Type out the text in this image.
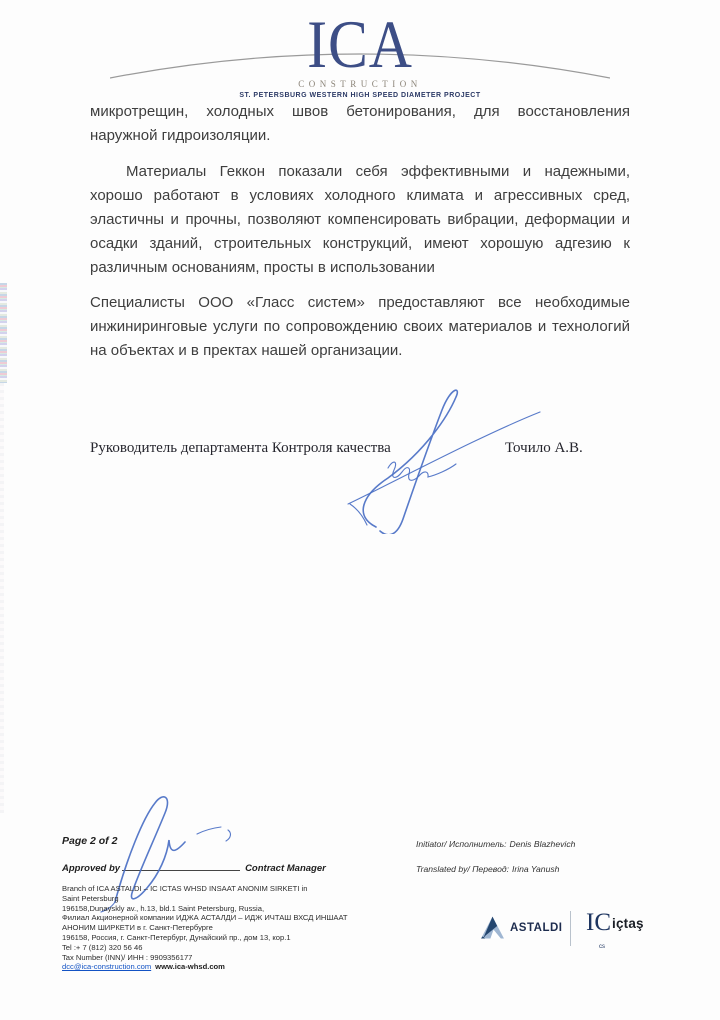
ICA
CONSTRUCTION
ST. PETERSBURG WESTERN HIGH SPEED DIAMETER PROJECT

микротрещин, холодных швов бетонирования, для восстановления наружной гидроизоляции.

Материалы Геккон показали себя эффективными и надежными, хорошо работают в условиях холодного климата и агрессивных сред, эластичны и прочны, позволяют компенсировать вибрации, деформации и осадки зданий, строительных конструкций, имеют хорошую адгезию к различным основаниям, просты в использовании

Специалисты ООО «Гласс систем» предоставляют все необходимые инжиниринговые услуги по сопровождению своих материалов и технологий на объектах и в пректах нашей организации.

Руководитель департамента Контроля качества	Точило А.В.
Page 2 of 2
Approved by	Contract Manager
Branch of ICA ASTALDI – IC ICTAS WHSD INSAAT ANONIM SIRKETI in
Saint Petersburg
196158,Dunayskly av., h.13, bld.1 Saint Petersburg, Russia,
Филиал Акционерной компании ИДЖА АСТАЛДИ – ИДЖ ИЧТАШ ВХСД ИНШААТ
АНОНИМ ШИРКЕТИ в г. Санкт-Петербурге
196158, Россия, г. Санкт-Петербург, Дунайский пр., дом 13, кор.1
Tel :+ 7 (812) 320 56 46
Tax Number (INN)/ ИНН : 9909356177
dcc@ica-construction.com www.ica-whsd.com
Initiator/ Исполнитель: Denis Blazhevich
Translated by/ Перевод: Irina Yanush
ASTALDI IC
cs
içtaş
